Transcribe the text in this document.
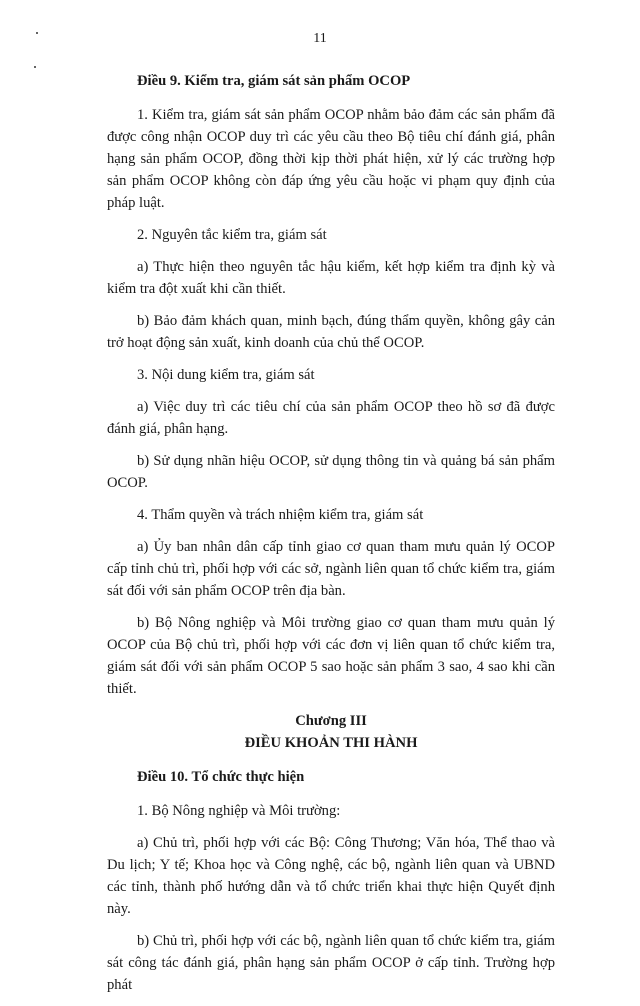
11

Điều 9. Kiểm tra, giám sát sản phẩm OCOP

1. Kiểm tra, giám sát sản phẩm OCOP nhằm bảo đảm các sản phẩm đã được công nhận OCOP duy trì các yêu cầu theo Bộ tiêu chí đánh giá, phân hạng sản phẩm OCOP, đồng thời kịp thời phát hiện, xử lý các trường hợp sản phẩm OCOP không còn đáp ứng yêu cầu hoặc vi phạm quy định của pháp luật.

2. Nguyên tắc kiểm tra, giám sát

a) Thực hiện theo nguyên tắc hậu kiểm, kết hợp kiểm tra định kỳ và kiểm tra đột xuất khi cần thiết.

b) Bảo đảm khách quan, minh bạch, đúng thẩm quyền, không gây cản trở hoạt động sản xuất, kinh doanh của chủ thể OCOP.

3. Nội dung kiểm tra, giám sát

a) Việc duy trì các tiêu chí của sản phẩm OCOP theo hồ sơ đã được đánh giá, phân hạng.

b) Sử dụng nhãn hiệu OCOP, sử dụng thông tin và quảng bá sản phẩm OCOP.

4. Thẩm quyền và trách nhiệm kiểm tra, giám sát

a) Ủy ban nhân dân cấp tỉnh giao cơ quan tham mưu quản lý OCOP cấp tỉnh chủ trì, phối hợp với các sở, ngành liên quan tổ chức kiểm tra, giám sát đối với sản phẩm OCOP trên địa bàn.

b) Bộ Nông nghiệp và Môi trường giao cơ quan tham mưu quản lý OCOP của Bộ chủ trì, phối hợp với các đơn vị liên quan tổ chức kiểm tra, giám sát đối với sản phẩm OCOP 5 sao hoặc sản phẩm 3 sao, 4 sao khi cần thiết.

Chương III
ĐIỀU KHOẢN THI HÀNH

Điều 10. Tổ chức thực hiện

1. Bộ Nông nghiệp và Môi trường:

a) Chủ trì, phối hợp với các Bộ: Công Thương; Văn hóa, Thể thao và Du lịch; Y tế; Khoa học và Công nghệ, các bộ, ngành liên quan và UBND các tỉnh, thành phố hướng dẫn và tổ chức triển khai thực hiện Quyết định này.

b) Chủ trì, phối hợp với các bộ, ngành liên quan tổ chức kiểm tra, giám sát công tác đánh giá, phân hạng sản phẩm OCOP ở cấp tỉnh. Trường hợp phát
